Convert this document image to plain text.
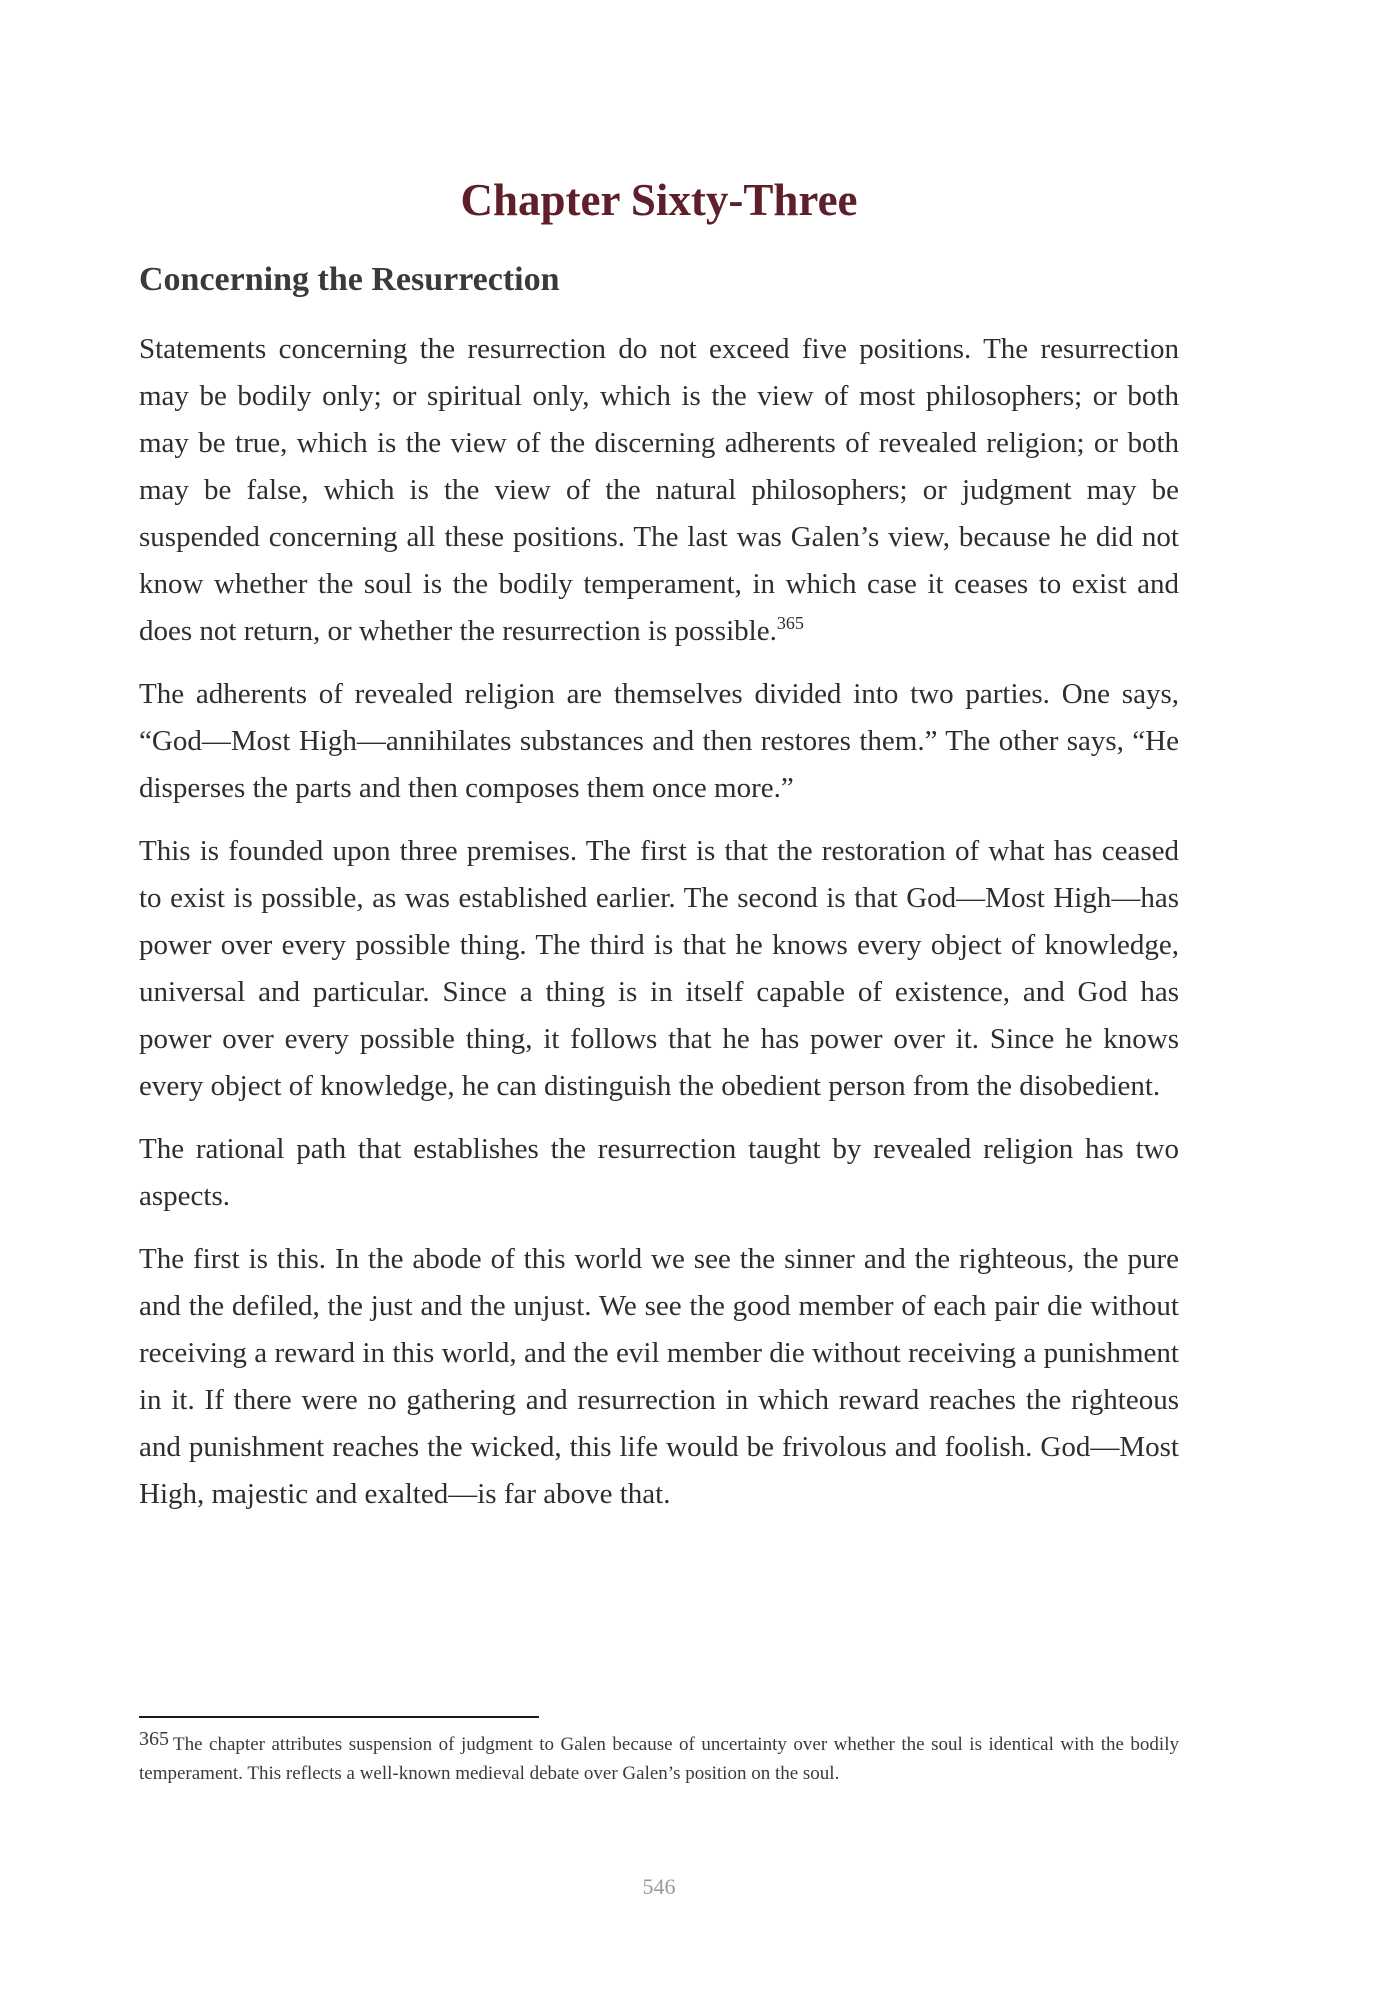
Chapter Sixty-Three
Concerning the Resurrection

Statements concerning the resurrection do not exceed five positions. The resurrection may be bodily only; or spiritual only, which is the view of most philosophers; or both may be true, which is the view of the discerning adherents of revealed religion; or both may be false, which is the view of the natural philosophers; or judgment may be suspended concerning all these positions. The last was Galen’s view, because he did not know whether the soul is the bodily temperament, in which case it ceases to exist and does not return, or whether the resurrection is possible.$^{365}$

The adherents of revealed religion are themselves divided into two parties. One says, “God—Most High—annihilates substances and then restores them.” The other says, “He disperses the parts and then composes them once more.”

This is founded upon three premises. The first is that the restoration of what has ceased to exist is possible, as was established earlier. The second is that God—Most High—has power over every possible thing. The third is that he knows every object of knowledge, universal and particular. Since a thing is in itself capable of existence, and God has power over every possible thing, it follows that he has power over it. Since he knows every object of knowledge, he can distinguish the obedient person from the disobedient.

The rational path that establishes the resurrection taught by revealed religion has two aspects.

The first is this. In the abode of this world we see the sinner and the righteous, the pure and the defiled, the just and the unjust. We see the good member of each pair die without receiving a reward in this world, and the evil member die without receiving a punishment in it. If there were no gathering and resurrection in which reward reaches the righteous and punishment reaches the wicked, this life would be frivolous and foolish. God—Most High, majestic and exalted—is far above that.

365 The chapter attributes suspension of judgment to Galen because of uncertainty over whether the soul is identical with the bodily temperament. This reflects a well-known medieval debate over Galen’s position on the soul.

546
